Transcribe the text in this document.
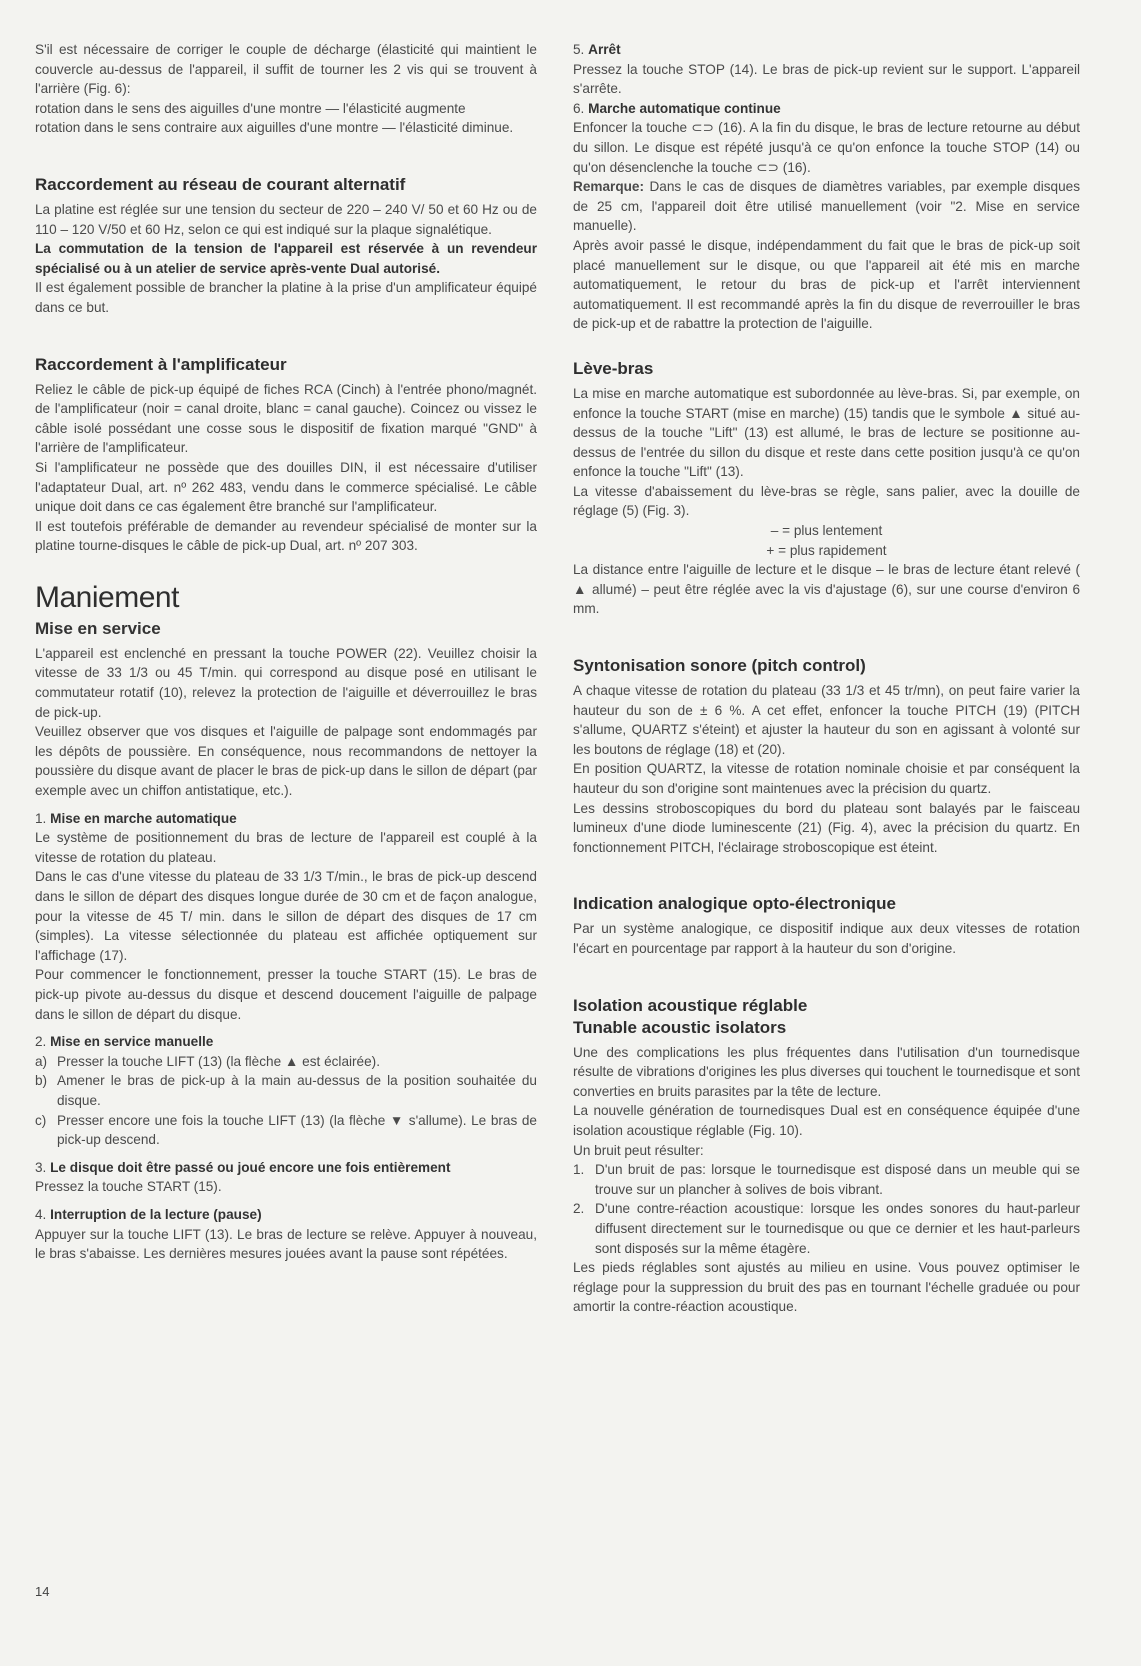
S'il est nécessaire de corriger le couple de décharge (élasticité qui maintient le couvercle au-dessus de l'appareil, il suffit de tourner les 2 vis qui se trouvent à l'arrière (Fig. 6):

rotation dans le sens des aiguilles d'une montre — l'élasticité augmente

rotation dans le sens contraire aux aiguilles d'une montre — l'élasticité diminue.

Raccordement au réseau de courant alternatif

La platine est réglée sur une tension du secteur de 220 – 240 V/ 50 et 60 Hz ou de 110 – 120 V/50 et 60 Hz, selon ce qui est indiqué sur la plaque signalétique.

La commutation de la tension de l'appareil est réservée à un revendeur spécialisé ou à un atelier de service après-vente Dual autorisé.

Il est également possible de brancher la platine à la prise d'un amplificateur équipé dans ce but.

Raccordement à l'amplificateur

Reliez le câble de pick-up équipé de fiches RCA (Cinch) à l'entrée phono/magnét. de l'amplificateur (noir = canal droite, blanc = canal gauche). Coincez ou vissez le câble isolé possédant une cosse sous le dispositif de fixation marqué "GND" à l'arrière de l'amplificateur.

Si l'amplificateur ne possède que des douilles DIN, il est nécessaire d'utiliser l'adaptateur Dual, art. nº 262 483, vendu dans le commerce spécialisé. Le câble unique doit dans ce cas également être branché sur l'amplificateur.

Il est toutefois préférable de demander au revendeur spécialisé de monter sur la platine tourne-disques le câble de pick-up Dual, art. nº 207 303.

Maniement
Mise en service

L'appareil est enclenché en pressant la touche POWER (22). Veuillez choisir la vitesse de 33 1/3 ou 45 T/min. qui correspond au disque posé en utilisant le commutateur rotatif (10), relevez la protection de l'aiguille et déverrouillez le bras de pick-up.

Veuillez observer que vos disques et l'aiguille de palpage sont endommagés par les dépôts de poussière. En conséquence, nous recommandons de nettoyer la poussière du disque avant de placer le bras de pick-up dans le sillon de départ (par exemple avec un chiffon antistatique, etc.).

1. Mise en marche automatique

Le système de positionnement du bras de lecture de l'appareil est couplé à la vitesse de rotation du plateau.

Dans le cas d'une vitesse du plateau de 33 1/3 T/min., le bras de pick-up descend dans le sillon de départ des disques longue durée de 30 cm et de façon analogue, pour la vitesse de 45 T/ min. dans le sillon de départ des disques de 17 cm (simples). La vitesse sélectionnée du plateau est affichée optiquement sur l'affichage (17).

Pour commencer le fonctionnement, presser la touche START (15). Le bras de pick-up pivote au-dessus du disque et descend doucement l'aiguille de palpage dans le sillon de départ du disque.

2. Mise en service manuelle

a) Presser la touche LIFT (13) (la flèche ▲ est éclairée).

b) Amener le bras de pick-up à la main au-dessus de la position souhaitée du disque.

c) Presser encore une fois la touche LIFT (13) (la flèche ▼ s'allume). Le bras de pick-up descend.

3. Le disque doit être passé ou joué encore une fois entièrement

Pressez la touche START (15).

4. Interruption de la lecture (pause)

Appuyer sur la touche LIFT (13). Le bras de lecture se relève. Appuyer à nouveau, le bras s'abaisse. Les dernières mesures jouées avant la pause sont répétées.

14

5. Arrêt

Pressez la touche STOP (14). Le bras de pick-up revient sur le support. L'appareil s'arrête.

6. Marche automatique continue

Enfoncer la touche ⊂⊃ (16). A la fin du disque, le bras de lecture retourne au début du sillon. Le disque est répété jusqu'à ce qu'on enfonce la touche STOP (14) ou qu'on désenclenche la touche ⊂⊃ (16).

Remarque: Dans le cas de disques de diamètres variables, par exemple disques de 25 cm, l'appareil doit être utilisé manuellement (voir "2. Mise en service manuelle).

Après avoir passé le disque, indépendamment du fait que le bras de pick-up soit placé manuellement sur le disque, ou que l'appareil ait été mis en marche automatiquement, le retour du bras de pick-up et l'arrêt interviennent automatiquement. Il est recommandé après la fin du disque de reverrouiller le bras de pick-up et de rabattre la protection de l'aiguille.

Lève-bras

La mise en marche automatique est subordonnée au lève-bras. Si, par exemple, on enfonce la touche START (mise en marche) (15) tandis que le symbole ▲ situé au-dessus de la touche "Lift" (13) est allumé, le bras de lecture se positionne au-dessus de l'entrée du sillon du disque et reste dans cette position jusqu'à ce qu'on enfonce la touche "Lift" (13).

La vitesse d'abaissement du lève-bras se règle, sans palier, avec la douille de réglage (5) (Fig. 3).

– = plus lentement

+ = plus rapidement

La distance entre l'aiguille de lecture et le disque – le bras de lecture étant relevé ( ▲ allumé) – peut être réglée avec la vis d'ajustage (6), sur une course d'environ 6 mm.

Syntonisation sonore (pitch control)

A chaque vitesse de rotation du plateau (33 1/3 et 45 tr/mn), on peut faire varier la hauteur du son de ± 6 %. A cet effet, enfoncer la touche PITCH (19) (PITCH s'allume, QUARTZ s'éteint) et ajuster la hauteur du son en agissant à volonté sur les boutons de réglage (18) et (20).

En position QUARTZ, la vitesse de rotation nominale choisie et par conséquent la hauteur du son d'origine sont maintenues avec la précision du quartz.

Les dessins stroboscopiques du bord du plateau sont balayés par le faisceau lumineux d'une diode luminescente (21) (Fig. 4), avec la précision du quartz. En fonctionnement PITCH, l'éclairage stroboscopique est éteint.

Indication analogique opto-électronique

Par un système analogique, ce dispositif indique aux deux vitesses de rotation l'écart en pourcentage par rapport à la hauteur du son d'origine.

Isolation acoustique réglable
Tunable acoustic isolators

Une des complications les plus fréquentes dans l'utilisation d'un tournedisque résulte de vibrations d'origines les plus diverses qui touchent le tournedisque et sont converties en bruits parasites par la tête de lecture.

La nouvelle génération de tournedisques Dual est en conséquence équipée d'une isolation acoustique réglable (Fig. 10).

Un bruit peut résulter:

1. D'un bruit de pas: lorsque le tournedisque est disposé dans un meuble qui se trouve sur un plancher à solives de bois vibrant.

2. D'une contre-réaction acoustique: lorsque les ondes sonores du haut-parleur diffusent directement sur le tournedisque ou que ce dernier et les haut-parleurs sont disposés sur la même étagère.

Les pieds réglables sont ajustés au milieu en usine. Vous pouvez optimiser le réglage pour la suppression du bruit des pas en tournant l'échelle graduée ou pour amortir la contre-réaction acoustique.
